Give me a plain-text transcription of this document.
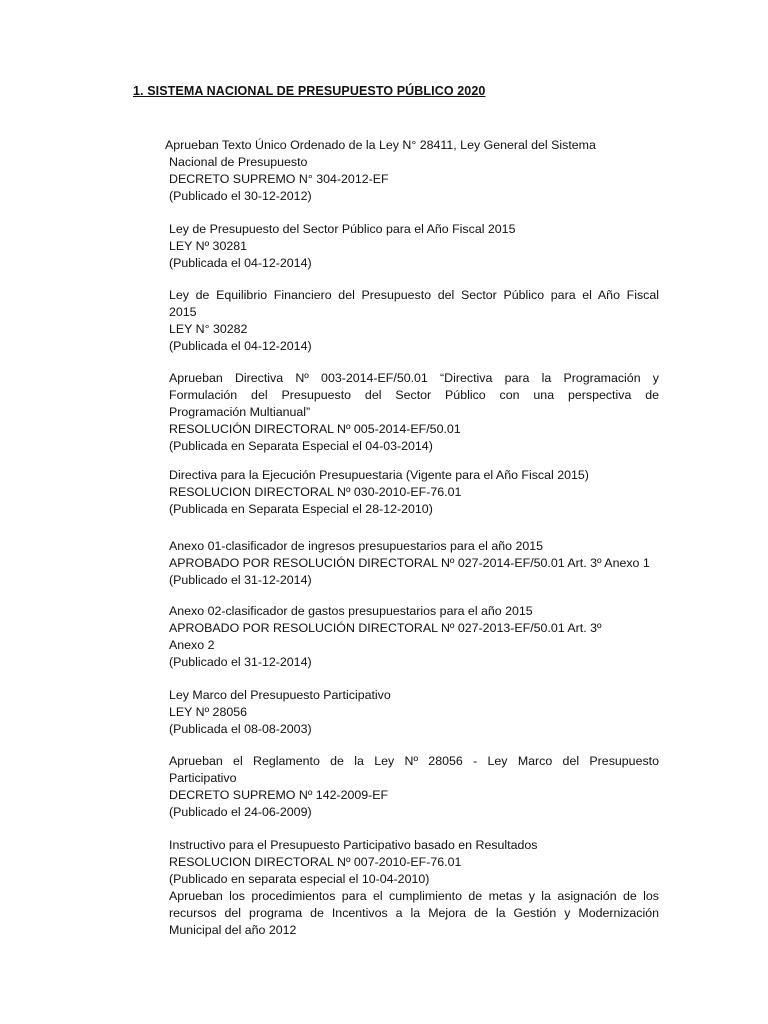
1. SISTEMA NACIONAL DE PRESUPUESTO PÚBLICO 2020
Aprueban Texto Único Ordenado de la Ley N° 28411, Ley General del Sistema
Nacional de Presupuesto
DECRETO SUPREMO N° 304-2012-EF
(Publicado el 30-12-2012)
Ley de Presupuesto del Sector Público para el Año Fiscal 2015
LEY Nº 30281
(Publicada el 04-12-2014)
Ley de Equilibrio Financiero del Presupuesto del Sector Público para el Año Fiscal
2015
LEY N° 30282
(Publicada el 04-12-2014)
Aprueban Directiva Nº 003-2014-EF/50.01 “Directiva para la Programación y
Formulación del Presupuesto del Sector Público con una perspectiva de
Programación Multianual”
RESOLUCIÓN DIRECTORAL Nº 005-2014-EF/50.01
(Publicada en Separata Especial el 04-03-2014)
Directiva para la Ejecución Presupuestaria (Vigente para el Año Fiscal 2015)
RESOLUCION DIRECTORAL Nº 030-2010-EF-76.01
(Publicada en Separata Especial el 28-12-2010)
Anexo 01-clasificador de ingresos presupuestarios para el año 2015
APROBADO POR RESOLUCIÓN DIRECTORAL Nº 027-2014-EF/50.01 Art. 3º Anexo 1
(Publicado el 31-12-2014)
Anexo 02-clasificador de gastos presupuestarios para el año 2015
APROBADO POR RESOLUCIÓN DIRECTORAL Nº 027-2013-EF/50.01 Art. 3º
Anexo 2
(Publicado el 31-12-2014)
Ley Marco del Presupuesto Participativo
LEY Nº 28056
(Publicada el 08-08-2003)
Aprueban el Reglamento de la Ley Nº 28056 - Ley Marco del Presupuesto
Participativo
DECRETO SUPREMO Nº 142-2009-EF
(Publicado el 24-06-2009)
Instructivo para el Presupuesto Participativo basado en Resultados
RESOLUCION DIRECTORAL Nº 007-2010-EF-76.01
(Publicado en separata especial el 10-04-2010)
Aprueban los procedimientos para el cumplimiento de metas y la asignación de los
recursos del programa de Incentivos a la Mejora de la Gestión y Modernización
Municipal del año 2012
